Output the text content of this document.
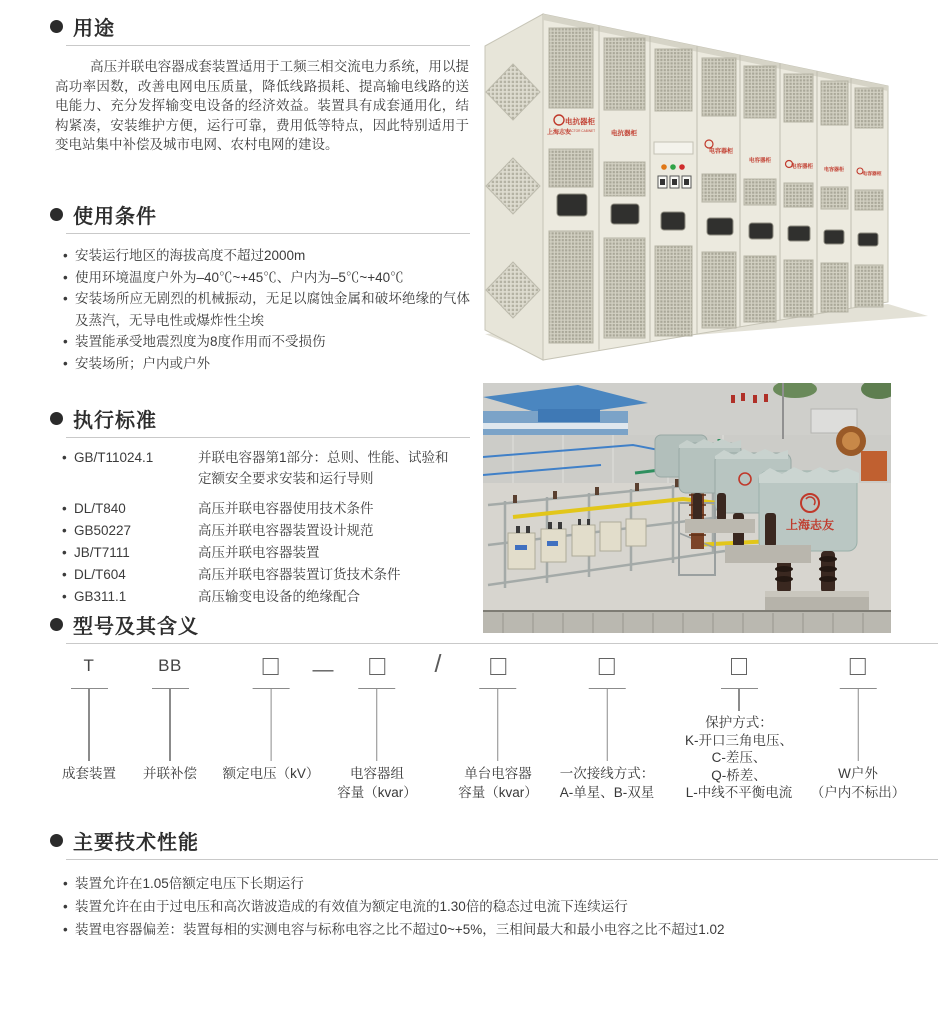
用途

高压并联电容器成套装置适用于工频三相交流电力系统，用以提高功率因数，改善电网电压质量，降低线路损耗、提高输电线路的送电能力、充分发挥输变电设备的经济效益。装置具有成套通用化，结构紧凑，安装维护方便，运行可靠，费用低等特点，因此特别适用于变电站集中补偿及城市电网、农村电网的建设。

使用条件
• 安装运行地区的海拔高度不超过2000m
• 使用环境温度户外为–40℃~+45℃、户内为–5℃~+40℃
• 安装场所应无剧烈的机械振动，无足以腐蚀金属和破坏绝缘的气体及蒸汽，无导电性或爆炸性尘埃
• 装置能承受地震烈度为8度作用而不受损伤
• 安装场所；户内或户外
执行标准
• GB/T11024.1	并联电容器第1部分：总则、性能、试验和定额安全要求安装和运行导则
• DL/T840	高压并联电容器使用技术条件
• GB50227	高压并联电容器装置设计规范
• JB/T7111	高压并联电容器装置
• DL/T604	高压并联电容器装置订货技术条件
• GB311.1	高压输变电设备的绝缘配合
型号及其含义
T
成套装置
BB
并联补偿 额定电压（kV）
—
电容器组
容量（kvar）
/
单台电容器
容量（kvar）
一次接线方式：
A-单星、B-双星
保护方式：
K-开口三角电压、
C-差压、
Q-桥差、
L-中线不平衡电流
W户外
（户内不标出）
主要技术性能
• 装置允许在1.05倍额定电压下长期运行
• 装置允许在由于过电压和高次谐波造成的有效值为额定电流的1.30倍的稳态过电流下连续运行
• 装置电容器偏差：装置每相的实测电容与标称电容之比不超过0~+5%，三相间最大和最小电容之比不超过1.02
上海志友
电抗器柜
REACTOR CABINET 电抗器柜
电容器柜
电容器柜
电容器柜 电容器柜
电容器柜
上海志友
